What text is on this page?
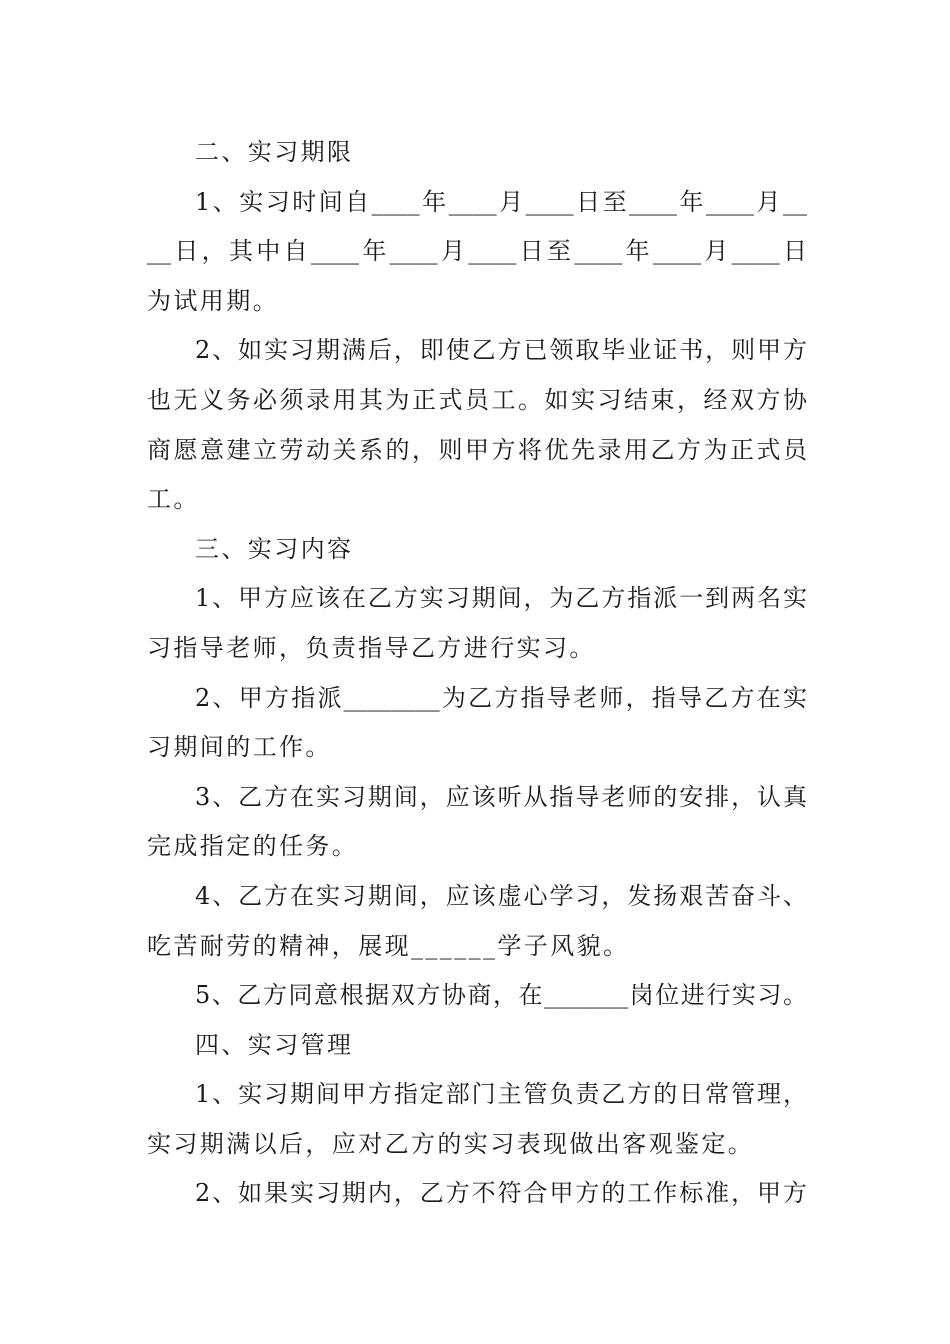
二、实习期限
1、实习时间自____年____月____日至____年____月__
__日，其中自____年____月____日至____年____月____日
为试用期。
2、如实习期满后，即使乙方已领取毕业证书，则甲方
也无义务必须录用其为正式员工。如实习结束，经双方协
商愿意建立劳动关系的，则甲方将优先录用乙方为正式员
工。
三、实习内容
1、甲方应该在乙方实习期间，为乙方指派一到两名实
习指导老师，负责指导乙方进行实习。
2、甲方指派________为乙方指导老师，指导乙方在实
习期间的工作。
3、乙方在实习期间，应该听从指导老师的安排，认真
完成指定的任务。
4、乙方在实习期间，应该虚心学习，发扬艰苦奋斗、
吃苦耐劳的精神，展现______学子风貌。
5、乙方同意根据双方协商，在_______岗位进行实习。
四、实习管理
1、实习期间甲方指定部门主管负责乙方的日常管理，
实习期满以后，应对乙方的实习表现做出客观鉴定。
2、如果实习期内，乙方不符合甲方的工作标准，甲方
